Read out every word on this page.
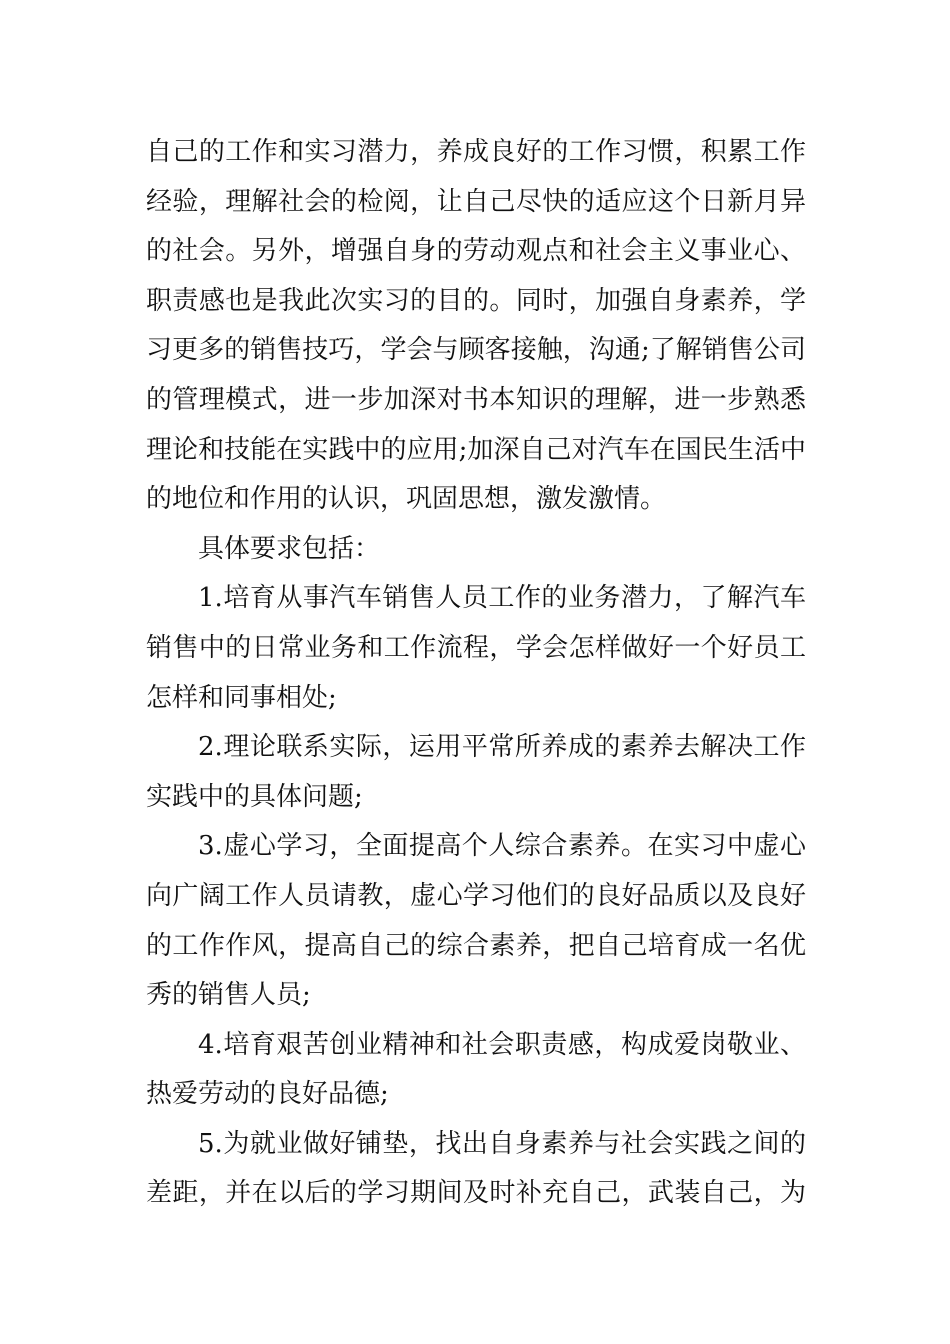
自己的工作和实习潜力，养成良好的工作习惯，积累工作
经验，理解社会的检阅，让自己尽快的适应这个日新月异
的社会。另外，增强自身的劳动观点和社会主义事业心、
职责感也是我此次实习的目的。同时，加强自身素养，学
习更多的销售技巧，学会与顾客接触，沟通;了解销售公司
的管理模式，进一步加深对书本知识的理解，进一步熟悉
理论和技能在实践中的应用;加深自己对汽车在国民生活中
的地位和作用的认识，巩固思想，激发激情。
具体要求包括：
1.培育从事汽车销售人员工作的业务潜力，了解汽车
销售中的日常业务和工作流程，学会怎样做好一个好员工
怎样和同事相处;
2.理论联系实际，运用平常所养成的素养去解决工作
实践中的具体问题;
3.虚心学习，全面提高个人综合素养。在实习中虚心
向广阔工作人员请教，虚心学习他们的良好品质以及良好
的工作作风，提高自己的综合素养，把自己培育成一名优
秀的销售人员;
4.培育艰苦创业精神和社会职责感，构成爱岗敬业、
热爱劳动的良好品德;
5.为就业做好铺垫，找出自身素养与社会实践之间的
差距，并在以后的学习期间及时补充自己，武装自己，为
